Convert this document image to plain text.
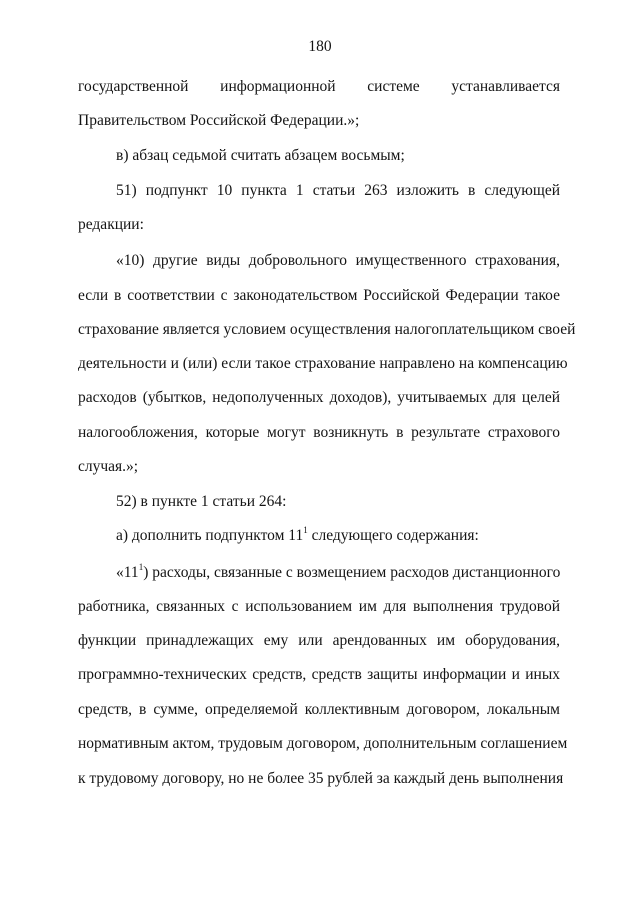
180
государственной информационной системе устанавливается
Правительством Российской Федерации.»;
в) абзац седьмой считать абзацем восьмым;
51) подпункт 10 пункта 1 статьи 263 изложить в следующей
редакции:
«10) другие виды добровольного имущественного страхования,
если в соответствии с законодательством Российской Федерации такое
страхование является условием осуществления налогоплательщиком своей
деятельности и (или) если такое страхование направлено на компенсацию
расходов (убытков, недополученных доходов), учитываемых для целей
налогообложения, которые могут возникнуть в результате страхового
случая.»;
52) в пункте 1 статьи 264:
а) дополнить подпунктом $11^1$ следующего содержания:
«$11^1$) расходы, связанные с возмещением расходов дистанционного
работника, связанных с использованием им для выполнения трудовой
функции принадлежащих ему или арендованных им оборудования,
программно-технических средств, средств защиты информации и иных
средств, в сумме, определяемой коллективным договором, локальным
нормативным актом, трудовым договором, дополнительным соглашением
к трудовому договору, но не более 35 рублей за каждый день выполнения
